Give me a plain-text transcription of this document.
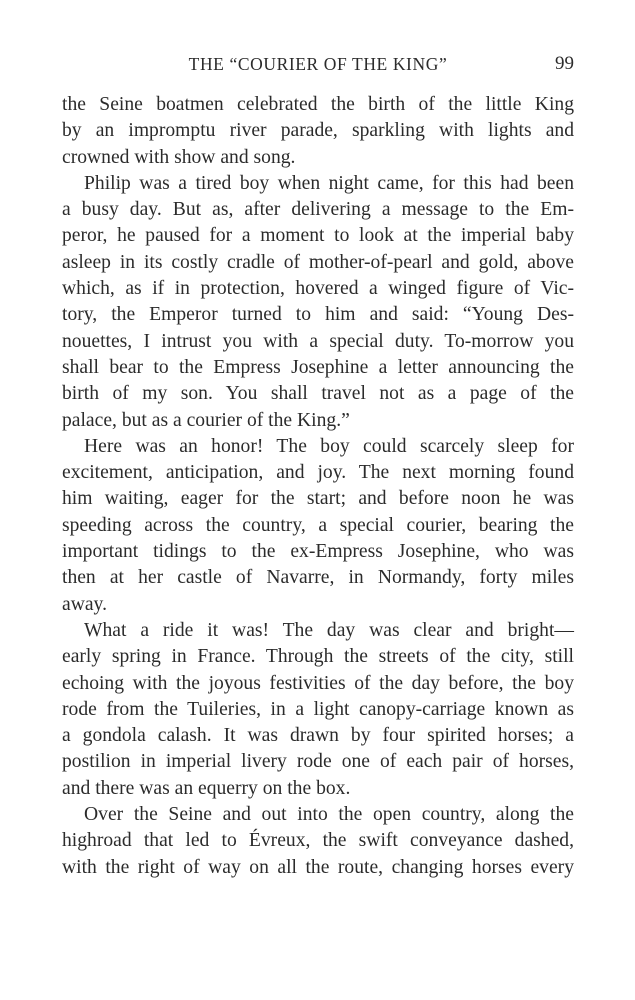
THE “COURIER OF THE KING”	99
the Seine boatmen celebrated the birth of the little King
by an impromptu river parade, sparkling with lights and
crowned with show and song.
Philip was a tired boy when night came, for this had been
a busy day. But as, after delivering a message to the Em-
peror, he paused for a moment to look at the imperial baby
asleep in its costly cradle of mother-of-pearl and gold, above
which, as if in protection, hovered a winged figure of Vic-
tory, the Emperor turned to him and said: “Young Des-
nouettes, I intrust you with a special duty. To-morrow you
shall bear to the Empress Josephine a letter announcing the
birth of my son. You shall travel not as a page of the
palace, but as a courier of the King.”
Here was an honor! The boy could scarcely sleep for
excitement, anticipation, and joy. The next morning found
him waiting, eager for the start; and before noon he was
speeding across the country, a special courier, bearing the
important tidings to the ex-Empress Josephine, who was
then at her castle of Navarre, in Normandy, forty miles
away.
What a ride it was! The day was clear and bright—
early spring in France. Through the streets of the city, still
echoing with the joyous festivities of the day before, the boy
rode from the Tuileries, in a light canopy-carriage known as
a gondola calash. It was drawn by four spirited horses; a
postilion in imperial livery rode one of each pair of horses,
and there was an equerry on the box.
Over the Seine and out into the open country, along the
highroad that led to Évreux, the swift conveyance dashed,
with the right of way on all the route, changing horses every
